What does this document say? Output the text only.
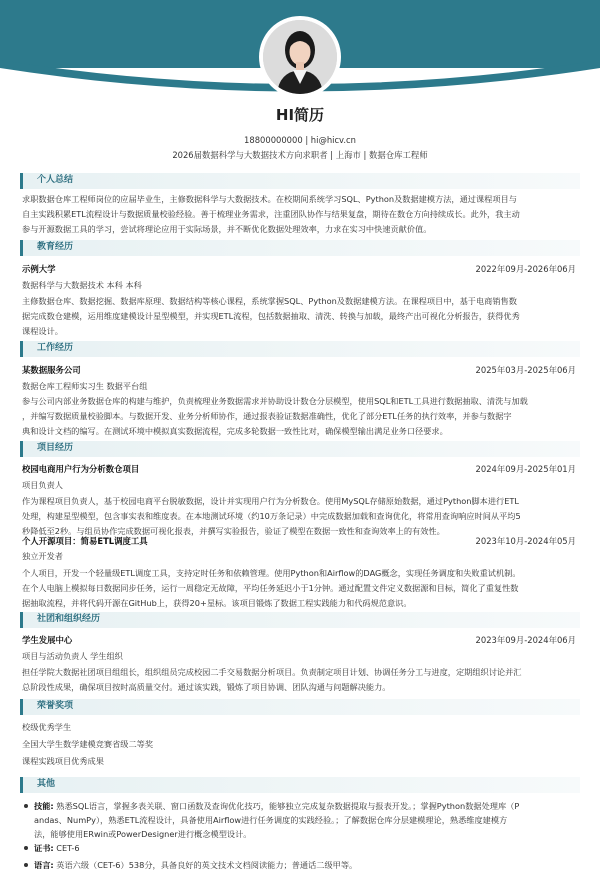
HI简历
18800000000 | hi@hicv.cn
2026届数据科学与大数据技术方向求职者 | 上海市 | 数据仓库工程师
个人总结
求职数据仓库工程师岗位的应届毕业生，主修数据科学与大数据技术。在校期间系统学习SQL、Python及数据建模方法，通过课程项目与
自主实践积累ETL流程设计与数据质量校验经验。善于梳理业务需求，注重团队协作与结果复盘，期待在数仓方向持续成长。此外，我主动
参与开源数据工具的学习，尝试将理论应用于实际场景，并不断优化数据处理效率，力求在实习中快速贡献价值。
教育经历
示例大学	2022年09月-2026年06月
数据科学与大数据技术 本科 本科
主修数据仓库、数据挖掘、数据库原理、数据结构等核心课程，系统掌握SQL、Python及数据建模方法。在课程项目中，基于电商销售数
据完成数仓建模，运用维度建模设计星型模型，并实现ETL流程，包括数据抽取、清洗、转换与加载，最终产出可视化分析报告，获得优秀
课程设计。
工作经历
某数据服务公司	2025年03月-2025年06月
数据仓库工程师实习生 数据平台组
参与公司内部业务数据仓库的构建与维护，负责梳理业务数据需求并协助设计数仓分层模型，使用SQL和ETL工具进行数据抽取、清洗与加载
，并编写数据质量校验脚本。与数据开发、业务分析师协作，通过报表验证数据准确性，优化了部分ETL任务的执行效率，并参与数据字
典和设计文档的编写。在测试环境中模拟真实数据流程，完成多轮数据一致性比对，确保模型输出满足业务口径要求。
项目经历
校园电商用户行为分析数仓项目	2024年09月-2025年01月
项目负责人
作为课程项目负责人，基于校园电商平台脱敏数据，设计并实现用户行为分析数仓。使用MySQL存储原始数据，通过Python脚本进行ETL
处理，构建星型模型，包含事实表和维度表。在本地测试环境（约10万条记录）中完成数据加载和查询优化，将常用查询响应时间从平均5
秒降低至2秒。与组员协作完成数据可视化报表，并撰写实验报告，验证了模型在数据一致性和查询效率上的有效性。
个人开源项目：简易ETL调度工具	2023年10月-2024年05月
独立开发者
个人项目，开发一个轻量级ETL调度工具，支持定时任务和依赖管理。使用Python和Airflow的DAG概念，实现任务调度和失败重试机制。
在个人电脑上模拟每日数据同步任务，运行一周稳定无故障，平均任务延迟小于1分钟。通过配置文件定义数据源和目标，简化了重复性数
据抽取流程，并将代码开源在GitHub上，获得20+星标。该项目锻炼了数据工程实践能力和代码规范意识。
社团和组织经历
学生发展中心	2023年09月-2024年06月
项目与活动负责人 学生组织
担任学院大数据社团项目组组长，组织组员完成校园二手交易数据分析项目。负责制定项目计划、协调任务分工与进度，定期组织讨论并汇
总阶段性成果，确保项目按时高质量交付。通过该实践，锻炼了项目协调、团队沟通与问题解决能力。
荣誉奖项
校级优秀学生
全国大学生数学建模竞赛省级二等奖
课程实践项目优秀成果
其他
技能: 熟悉SQL语言，掌握多表关联、窗口函数及查询优化技巧，能够独立完成复杂数据提取与报表开发。；掌握Python数据处理库（P
andas、NumPy），熟悉ETL流程设计，具备使用Airflow进行任务调度的实践经验。；了解数据仓库分层建模理论，熟悉维度建模方
法，能够使用ERwin或PowerDesigner进行概念模型设计。
证书: CET-6
语言: 英语六级（CET-6）538分，具备良好的英文技术文档阅读能力；普通话二级甲等。
